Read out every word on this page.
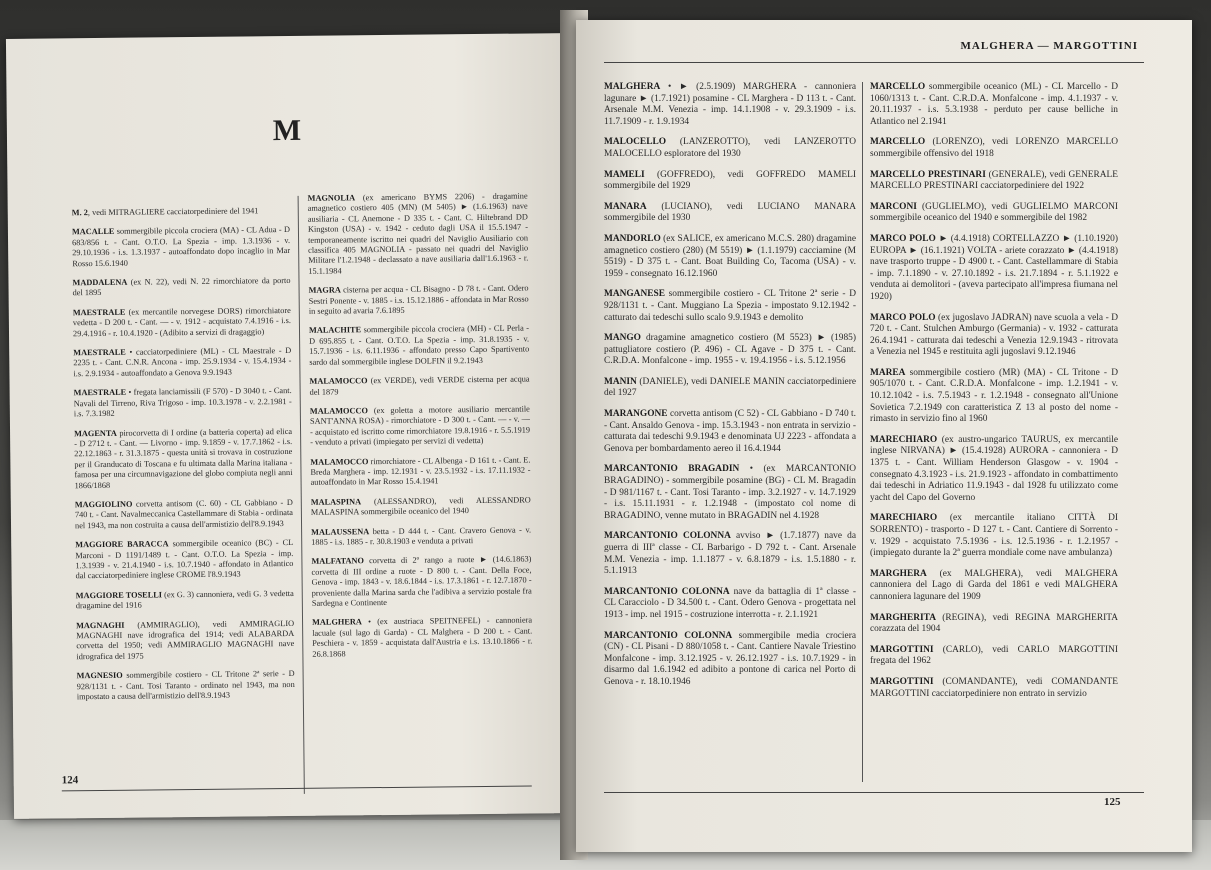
M

M. 2, vedi MITRAGLIERE cacciatorpediniere del 1941

MACALLE sommergibile piccola crociera (MA) - CL Adua - D 683/856 t. - Cant. O.T.O. La Spezia - imp. 1.3.1936 - v. 29.10.1936 - i.s. 1.3.1937 - autoaffondato dopo incaglio in Mar Rosso 15.6.1940

MADDALENA (ex N. 22), vedi N. 22 rimorchiatore da porto del 1895

MAESTRALE (ex mercantile norvegese DORS) rimorchiatore vedetta - D 200 t. - Cant. — - v. 1912 - acquistato 7.4.1916 - i.s. 29.4.1916 - r. 10.4.1920 - (Adibito a servizi di dragaggio)

MAESTRALE • cacciatorpediniere (ML) - CL Maestrale - D 2235 t. - Cant. C.N.R. Ancona - imp. 25.9.1934 - v. 15.4.1934 - i.s. 2.9.1934 - autoaffondato a Genova 9.9.1943

MAESTRALE • fregata lanciamissili (F 570) - D 3040 t. - Cant. Navali del Tirreno, Riva Trigoso - imp. 10.3.1978 - v. 2.2.1981 - i.s. 7.3.1982

MAGENTA pirocorvetta di I ordine (a batteria coperta) ad elica - D 2712 t. - Cant. — Livorno - imp. 9.1859 - v. 17.7.1862 - i.s. 22.12.1863 - r. 31.3.1875 - questa unità si trovava in costruzione per il Granducato di Toscana e fu ultimata dalla Marina italiana - famosa per una circumnavigazione del globo compiuta negli anni 1866/1868

MAGGIOLINO corvetta antisom (C. 60) - CL Gabbiano - D 740 t. - Cant. Navalmeccanica Castellammare di Stabia - ordinata nel 1943, ma non costruita a causa dell'armistizio dell'8.9.1943

MAGGIORE BARACCA sommergibile oceanico (BC) - CL Marconi - D 1191/1489 t. - Cant. O.T.O. La Spezia - imp. 1.3.1939 - v. 21.4.1940 - i.s. 10.7.1940 - affondato in Atlantico dal cacciatorpediniere inglese CROME l'8.9.1943

MAGGIORE TOSELLI (ex G. 3) cannoniera, vedi G. 3 vedetta dragamine del 1916

MAGNAGHI (AMMIRAGLIO), vedi AMMIRAGLIO MAGNAGHI nave idrografica del 1914; vedi ALABARDA corvetta del 1950; vedi AMMIRAGLIO MAGNAGHI nave idrografica del 1975

MAGNESIO sommergibile costiero - CL Tritone 2ª serie - D 928/1131 t. - Cant. Tosi Taranto - ordinato nel 1943, ma non impostato a causa dell'armistizio dell'8.9.1943

MAGNOLIA (ex americano BYMS 2206) - dragamine amagnetico costiero 405 (MN) (M 5405) ► (1.6.1963) nave ausiliaria - CL Anemone - D 335 t. - Cant. C. Hiltebrand DD Kingston (USA) - v. 1942 - ceduto dagli USA il 15.5.1947 - temporaneamente iscritto nei quadri del Naviglio Ausiliario con classifica 405 MAGNOLIA - passato nei quadri del Naviglio Militare l'1.2.1948 - declassato a nave ausiliaria dall'1.6.1963 - r. 15.1.1984

MAGRA cisterna per acqua - CL Bisagno - D 78 t. - Cant. Odero Sestri Ponente - v. 1885 - i.s. 15.12.1886 - affondata in Mar Rosso in seguito ad avaria 7.6.1895

MALACHITE sommergibile piccola crociera (MH) - CL Perla - D 695.855 t. - Cant. O.T.O. La Spezia - imp. 31.8.1935 - v. 15.7.1936 - i.s. 6.11.1936 - affondato presso Capo Spartivento sardo dal sommergibile inglese DOLFIN il 9.2.1943

MALAMOCCO (ex VERDE), vedi VERDE cisterna per acqua del 1879

MALAMOCCO (ex goletta a motore ausiliario mercantile SANT'ANNA ROSA) - rimorchiatore - D 300 t. - Cant. — - v. — - acquistato ed iscritto come rimorchiatore 19.8.1916 - r. 5.5.1919 - venduto a privati (impiegato per servizi di vedetta)

MALAMOCCO rimorchiatore - CL Albenga - D 161 t. - Cant. E. Breda Marghera - imp. 12.1931 - v. 23.5.1932 - i.s. 17.11.1932 - autoaffondato in Mar Rosso 15.4.1941

MALASPINA (ALESSANDRO), vedi ALESSANDRO MALASPINA sommergibile oceanico del 1940

MALAUSSENA betta - D 444 t. - Cant. Cravero Genova - v. 1885 - i.s. 1885 - r. 30.8.1903 e venduta a privati

MALFATANO corvetta di 2º rango a ruote ► (14.6.1863) corvetta di III ordine a ruote - D 800 t. - Cant. Della Foce, Genova - imp. 1843 - v. 18.6.1844 - i.s. 17.3.1861 - r. 12.7.1870 - proveniente dalla Marina sarda che l'adibiva a servizio postale fra Sardegna e Continente

MALGHERA • (ex austriaca SPEITNEFEL) - cannoniera lacuale (sul lago di Garda) - CL Malghera - D 200 t. - Cant. Peschiera - v. 1859 - acquistata dall'Austria e i.s. 13.10.1866 - r. 26.8.1868

124
MALGHERA — MARGOTTINI

MALGHERA • ► (2.5.1909) MARGHERA - cannoniera lagunare ► (1.7.1921) posamine - CL Marghera - D 113 t. - Cant. Arsenale M.M. Venezia - imp. 14.1.1908 - v. 29.3.1909 - i.s. 11.7.1909 - r. 1.9.1934

MALOCELLO (LANZEROTTO), vedi LANZEROTTO MALOCELLO esploratore del 1930

MAMELI (GOFFREDO), vedi GOFFREDO MAMELI sommergibile del 1929

MANARA (LUCIANO), vedi LUCIANO MANARA sommergibile del 1930

MANDORLO (ex SALICE, ex americano M.C.S. 280) dragamine amagnetico costiero (280) (M 5519) ► (1.1.1979) cacciamine (M 5519) - D 375 t. - Cant. Boat Building Co, Tacoma (USA) - v. 1959 - consegnato 16.12.1960

MANGANESE sommergibile costiero - CL Tritone 2ª serie - D 928/1131 t. - Cant. Muggiano La Spezia - impostato 9.12.1942 - catturato dai tedeschi sullo scalo 9.9.1943 e demolito

MANGO dragamine amagnetico costiero (M 5523) ► (1985) pattugliatore costiero (P. 496) - CL Agave - D 375 t. - Cant. C.R.D.A. Monfalcone - imp. 1955 - v. 19.4.1956 - i.s. 5.12.1956

MANIN (DANIELE), vedi DANIELE MANIN cacciatorpediniere del 1927

MARANGONE corvetta antisom (C 52) - CL Gabbiano - D 740 t. - Cant. Ansaldo Genova - imp. 15.3.1943 - non entrata in servizio - catturata dai tedeschi 9.9.1943 e denominata UJ 2223 - affondata a Genova per bombardamento aereo il 16.4.1944

MARCANTONIO BRAGADIN • (ex MARCANTONIO BRAGADINO) - sommergibile posamine (BG) - CL M. Bragadin - D 981/1167 t. - Cant. Tosi Taranto - imp. 3.2.1927 - v. 14.7.1929 - i.s. 15.11.1931 - r. 1.2.1948 - (impostato col nome di BRAGADINO, venne mutato in BRAGADIN nel 4.1928

MARCANTONIO COLONNA avviso ► (1.7.1877) nave da guerra di IIIª classe - CL Barbarigo - D 792 t. - Cant. Arsenale M.M. Venezia - imp. 1.1.1877 - v. 6.8.1879 - i.s. 1.5.1880 - r. 5.1.1913

MARCANTONIO COLONNA nave da battaglia di 1ª classe - CL Caracciolo - D 34.500 t. - Cant. Odero Genova - progettata nel 1913 - imp. nel 1915 - costruzione interrotta - r. 2.1.1921

MARCANTONIO COLONNA sommergibile media crociera (CN) - CL Pisani - D 880/1058 t. - Cant. Cantiere Navale Triestino Monfalcone - imp. 3.12.1925 - v. 26.12.1927 - i.s. 10.7.1929 - in disarmo dal 1.6.1942 ed adibito a pontone di carica nel Porto di Genova - r. 18.10.1946

MARCELLO sommergibile oceanico (ML) - CL Marcello - D 1060/1313 t. - Cant. C.R.D.A. Monfalcone - imp. 4.1.1937 - v. 20.11.1937 - i.s. 5.3.1938 - perduto per cause belliche in Atlantico nel 2.1941

MARCELLO (LORENZO), vedi LORENZO MARCELLO sommergibile offensivo del 1918

MARCELLO PRESTINARI (GENERALE), vedi GENERALE MARCELLO PRESTINARI cacciatorpediniere del 1922

MARCONI (GUGLIELMO), vedi GUGLIELMO MARCONI sommergibile oceanico del 1940 e sommergibile del 1982

MARCO POLO ► (4.4.1918) CORTELLAZZO ► (1.10.1920) EUROPA ► (16.1.1921) VOLTA - ariete corazzato ► (4.4.1918) nave trasporto truppe - D 4900 t. - Cant. Castellammare di Stabia - imp. 7.1.1890 - v. 27.10.1892 - i.s. 21.7.1894 - r. 5.1.1922 e venduta ai demolitori - (aveva partecipato all'impresa fiumana nel 1920)

MARCO POLO (ex jugoslavo JADRAN) nave scuola a vela - D 720 t. - Cant. Stulchen Amburgo (Germania) - v. 1932 - catturata 26.4.1941 - catturata dai tedeschi a Venezia 12.9.1943 - ritrovata a Venezia nel 1945 e restituita agli jugoslavi 9.12.1946

MAREA sommergibile costiero (MR) (MA) - CL Tritone - D 905/1070 t. - Cant. C.R.D.A. Monfalcone - imp. 1.2.1941 - v. 10.12.1042 - i.s. 7.5.1943 - r. 1.2.1948 - consegnato all'Unione Sovietica 7.2.1949 con caratteristica Z 13 al posto del nome - rimasto in servizio fino al 1960

MARECHIARO (ex austro-ungarico TAURUS, ex mercantile inglese NIRVANA) ► (15.4.1928) AURORA - cannoniera - D 1375 t. - Cant. William Henderson Glasgow - v. 1904 - consegnato 4.3.1923 - i.s. 21.9.1923 - affondato in combattimento dai tedeschi in Adriatico 11.9.1943 - dal 1928 fu utilizzato come yacht del Capo del Governo

MARECHIARO (ex mercantile italiano CITTÀ DI SORRENTO) - trasporto - D 127 t. - Cant. Cantiere di Sorrento - v. 1929 - acquistato 7.5.1936 - i.s. 12.5.1936 - r. 1.2.1957 - (impiegato durante la 2ª guerra mondiale come nave ambulanza)

MARGHERA (ex MALGHERA), vedi MALGHERA cannoniera del Lago di Garda del 1861 e vedi MALGHERA cannoniera lagunare del 1909

MARGHERITA (REGINA), vedi REGINA MARGHERITA corazzata del 1904

MARGOTTINI (CARLO), vedi CARLO MARGOTTINI fregata del 1962

MARGOTTINI (COMANDANTE), vedi COMANDANTE MARGOTTINI cacciatorpediniere non entrato in servizio

125
